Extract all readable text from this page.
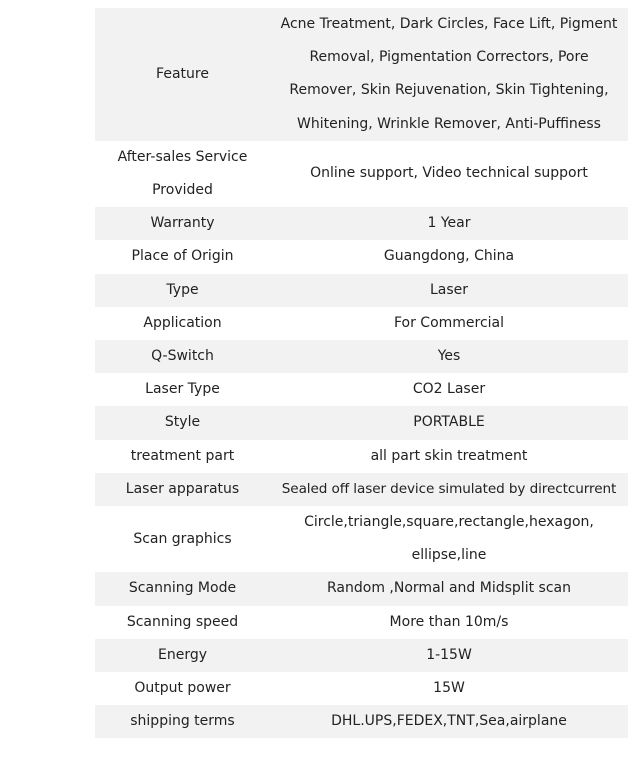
Feature	Acne Treatment, Dark Circles, Face Lift, Pigment Removal, Pigmentation Correctors, Pore Remover, Skin Rejuvenation, Skin Tightening, Whitening, Wrinkle Remover, Anti-Puffiness
After-sales Service Provided	Online support, Video technical support
Warranty	1 Year
Place of Origin	Guangdong, China
Type	Laser
Application	For Commercial
Q-Switch	Yes
Laser Type	CO2 Laser
Style	PORTABLE
treatment part	all part skin treatment
Laser apparatus	Sealed off laser device simulated by directcurrent
Scan graphics	Circle,triangle,square,rectangle,hexagon, ellipse,line
Scanning Mode	Random ,Normal and Midsplit scan
Scanning speed	More than 10m/s
Energy	1-15W
Output power	15W
shipping terms	DHL.UPS,FEDEX,TNT,Sea,airplane
